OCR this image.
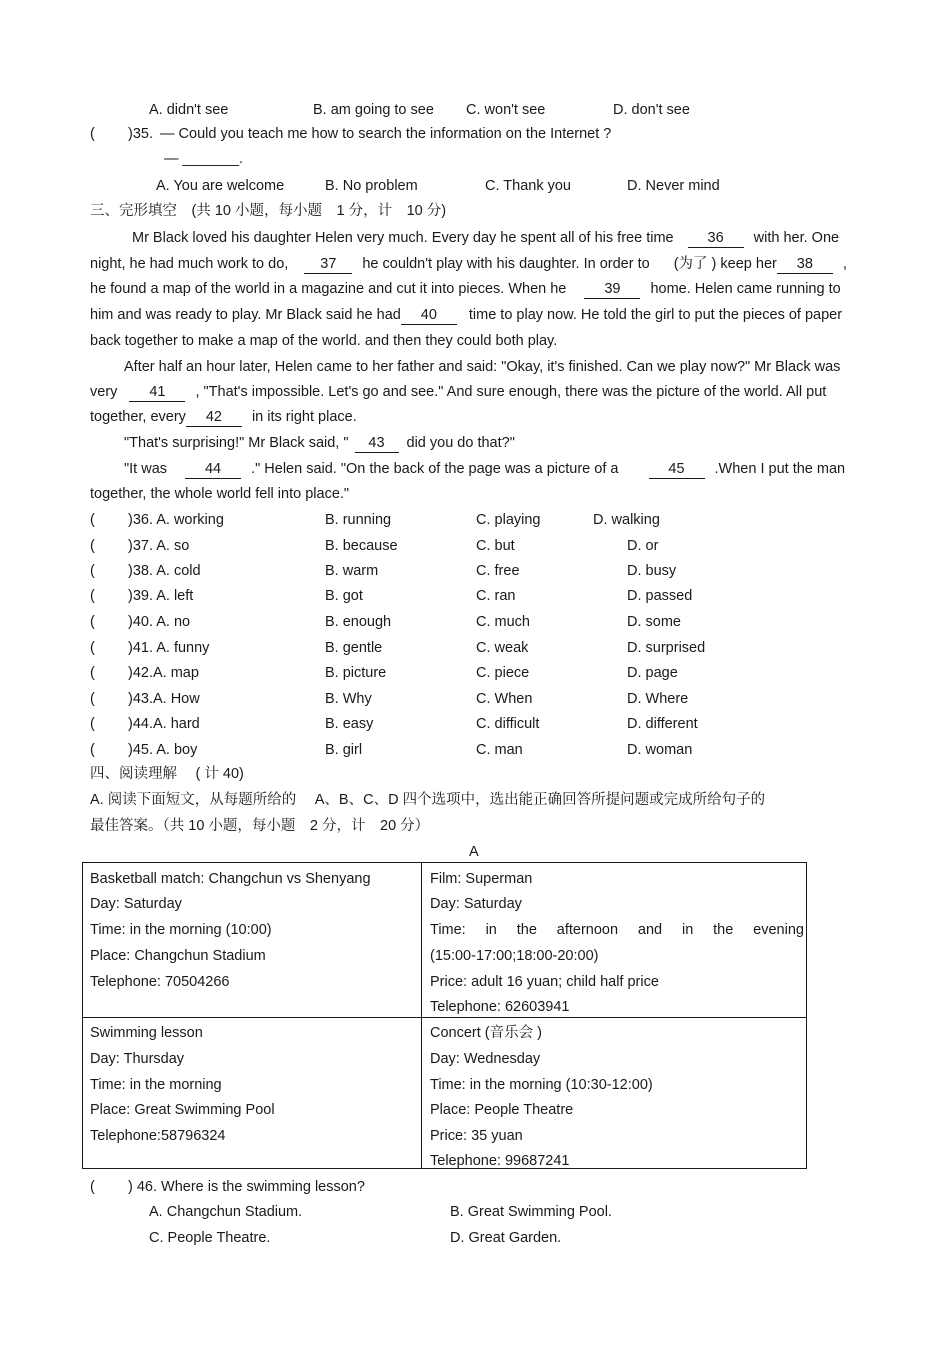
A. didn't see	B. am going to see C. won't see	D. don't see
( )35. — Could you teach me how to search the information on the Internet ?
— _______.
A. You are welcome	B. No problem	C. Thank you	D. Never mind
三、完形填空　(共 10 小题，每小题　1 分，计　10 分)
Mr Black loved his daughter Helen very much. Every day he spent all of his free time 36 with her. One
night, he had much work to do, 37 he couldn't play with his daughter. In order to (为了 ) keep her 38 ,
he found a map of the world in a magazine and cut it into pieces. When he	39 home. Helen came running to
him and was ready to play. Mr Black said he had 40 time to play now. He told the girl to put the pieces of paper
back together to make a map of the world. and then they could both play.
After half an hour later, Helen came to her father and said: "Okay, it's finished. Can we play now?" Mr Black was
very 41 , "That's impossible. Let's go and see." And sure enough, there was the picture of the world. All put
together, every 42 in its right place.
"That's surprising!" Mr Black said, " 43 did you do that?"
"It was	44 ." Helen said. "On the back of the page was a picture of a	45 .When I put the man
together, the whole world fell into place."
( )36. A. working	B. running	C. playing	D. walking
( )37. A. so	B. because	C. but	D. or
( )38. A. cold	B. warm	C. free	D. busy
( )39. A. left	B. got	C. ran	D. passed
( )40. A. no	B. enough	C. much	D. some
( )41. A. funny	B. gentle	C. weak	D. surprised
( )42.A. map	B. picture	C. piece	D. page
( )43.A. How	B. Why	C. When	D. Where
( )44.A. hard	B. easy	C. difficult	D. different
( )45. A. boy	B. girl	C. man	D. woman
四、阅读理解　 ( 计 40)
A. 阅读下面短文，从每题所给的　 A、B、C、D 四个选项中，选出能正确回答所提问题或完成所给句子的
最佳答案。（共 10 小题，每小题　2 分，计　20 分）
A
Basketball match: Changchun vs Shenyang
Day: Saturday
Time: in the morning (10:00)
Place: Changchun Stadium
Telephone: 70504266
Film: Superman
Day: Saturday
Time: in the afternoon and in the evening
(15:00-17:00;18:00-20:00)
Price: adult 16 yuan; child half price
Telephone: 62603941
Swimming lesson
Day: Thursday
Time: in the morning
Place: Great Swimming Pool
Telephone:58796324
Concert (音乐会 )
Day: Wednesday
Time: in the morning (10:30-12:00)
Place: People Theatre
Price: 35 yuan
Telephone: 99687241
( ) 46. Where is the swimming lesson?
A. Changchun Stadium.	B. Great Swimming Pool.
C. People Theatre.	D. Great Garden.
